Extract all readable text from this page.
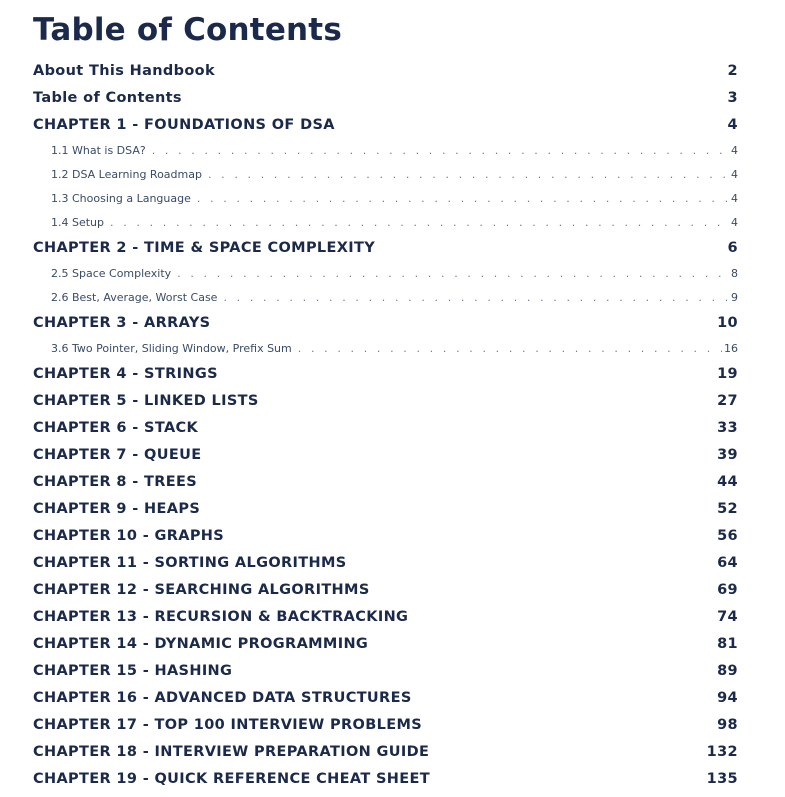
Table of Contents
About This Handbook	2
Table of Contents	3
CHAPTER 1 - FOUNDATIONS OF DSA	4
1.1 What is DSA? . . .	4
1.2 DSA Learning Roadmap . . .	4
1.3 Choosing a Language . . .	4
1.4 Setup . . .	4
CHAPTER 2 - TIME & SPACE COMPLEXITY	6
2.5 Space Complexity . . .	8
2.6 Best, Average, Worst Case . . .	9
CHAPTER 3 - ARRAYS	10
3.6 Two Pointer, Sliding Window, Prefix Sum . . .	16
CHAPTER 4 - STRINGS	19
CHAPTER 5 - LINKED LISTS	27
CHAPTER 6 - STACK	33
CHAPTER 7 - QUEUE	39
CHAPTER 8 - TREES	44
CHAPTER 9 - HEAPS	52
CHAPTER 10 - GRAPHS	56
CHAPTER 11 - SORTING ALGORITHMS	64
CHAPTER 12 - SEARCHING ALGORITHMS	69
CHAPTER 13 - RECURSION & BACKTRACKING	74
CHAPTER 14 - DYNAMIC PROGRAMMING	81
CHAPTER 15 - HASHING	89
CHAPTER 16 - ADVANCED DATA STRUCTURES	94
CHAPTER 17 - TOP 100 INTERVIEW PROBLEMS	98
CHAPTER 18 - INTERVIEW PREPARATION GUIDE	132
CHAPTER 19 - QUICK REFERENCE CHEAT SHEET	135
